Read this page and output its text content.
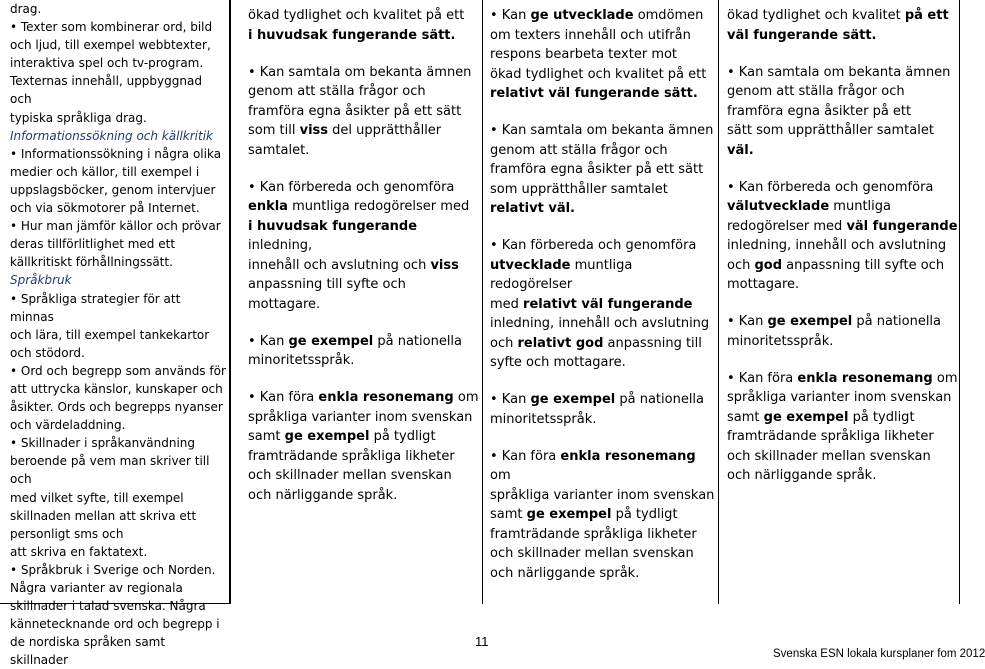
drag.

• Texter som kombinerar ord, bild

och ljud, till exempel webbtexter,

interaktiva spel och tv-program.

Texternas innehåll, uppbyggnad och

typiska språkliga drag.

Informationssökning och källkritik

• Informationssökning i några olika

medier och källor, till exempel i

uppslagsböcker, genom intervjuer

och via sökmotorer på Internet.

• Hur man jämför källor och prövar

deras tillförlitlighet med ett

källkritiskt förhållningssätt.

Språkbruk

• Språkliga strategier för att minnas

och lära, till exempel tankekartor

och stödord.

• Ord och begrepp som används för

att uttrycka känslor, kunskaper och

åsikter. Ords och begrepps nyanser

och värdeladdning.

• Skillnader i språkanvändning

beroende på vem man skriver till och

med vilket syfte, till exempel

skillnaden mellan att skriva ett

personligt sms och

att skriva en faktatext.

• Språkbruk i Sverige och Norden.

Några varianter av regionala

skillnader i talad svenska. Några

kännetecknande ord och begrepp i

de nordiska språken samt skillnader

ökad tydlighet och kvalitet på ett

i huvudsak fungerande sätt.

• Kan samtala om bekanta ämnen

genom att ställa frågor och

framföra egna åsikter på ett sätt

som till viss del upprätthåller

samtalet.

• Kan förbereda och genomföra

enkla muntliga redogörelser med

i huvudsak fungerande inledning,

innehåll och avslutning och viss

anpassning till syfte och

mottagare.

• Kan ge exempel på nationella

minoritetsspråk.

• Kan föra enkla resonemang om

språkliga varianter inom svenskan

samt ge exempel på tydligt

framträdande språkliga likheter

och skillnader mellan svenskan

och närliggande språk.

• Kan ge utvecklade omdömen

om texters innehåll och utifrån

respons bearbeta texter mot

ökad tydlighet och kvalitet på ett

relativt väl fungerande sätt.

• Kan samtala om bekanta ämnen

genom att ställa frågor och

framföra egna åsikter på ett sätt

som upprätthåller samtalet

relativt väl.

• Kan förbereda och genomföra

utvecklade muntliga redogörelser

med relativt väl fungerande

inledning, innehåll och avslutning

och relativt god anpassning till

syfte och mottagare.

• Kan ge exempel på nationella

minoritetsspråk.

• Kan föra enkla resonemang om

språkliga varianter inom svenskan

samt ge exempel på tydligt

framträdande språkliga likheter

och skillnader mellan svenskan

och närliggande språk.

ökad tydlighet och kvalitet på ett

väl fungerande sätt.

• Kan samtala om bekanta ämnen

genom att ställa frågor och

framföra egna åsikter på ett

sätt som upprätthåller samtalet

väl.

• Kan förbereda och genomföra

välutvecklade muntliga

redogörelser med väl fungerande

inledning, innehåll och avslutning

och god anpassning till syfte och

mottagare.

• Kan ge exempel på nationella

minoritetsspråk.

• Kan föra enkla resonemang om

språkliga varianter inom svenskan

samt ge exempel på tydligt

framträdande språkliga likheter

och skillnader mellan svenskan

och närliggande språk.

11
Svenska ESN lokala kursplaner fom 2012
